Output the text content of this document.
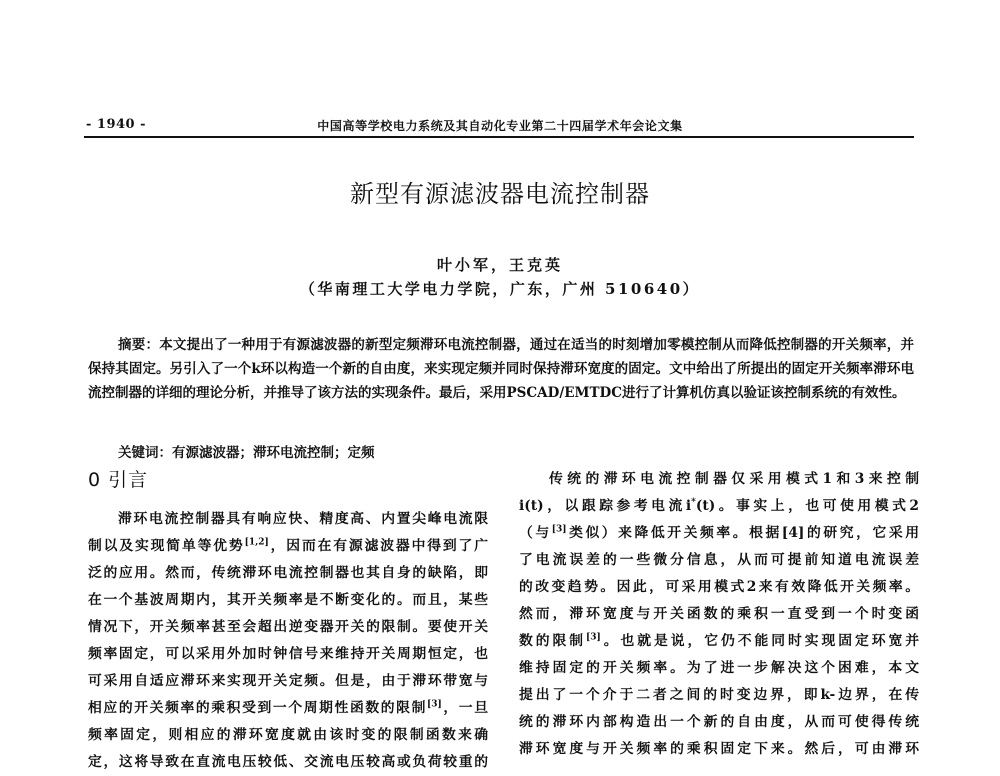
- 1940 -	中国高等学校电力系统及其自动化专业第二十四届学术年会论文集
新型有源滤波器电流控制器
叶小军，王克英
（华南理工大学电力学院，广东，广州 510640）

摘要：本文提出了一种用于有源滤波器的新型定频滞环电流控制器，通过在适当的时刻增加零模控制从而降低控制器的开关频率，并保持其固定。另引入了一个k环以构造一个新的自由度，来实现定频并同时保持滞环宽度的固定。文中给出了所提出的固定开关频率滞环电流控制器的详细的理论分析，并推导了该方法的实现条件。最后，采用PSCAD/EMTDC进行了计算机仿真以验证该控制系统的有效性。

关键词：有源滤波器；滞环电流控制；定频
0 引言
滞环电流控制器具有响应快、精度高、内置尖峰电流限
制以及实现简单等优势[1,2]，因而在有源滤波器中得到了广
泛的应用。然而，传统滞环电流控制器也其自身的缺陷，即
在一个基波周期内，其开关频率是不断变化的。而且，某些
情况下，开关频率甚至会超出逆变器开关的限制。要使开关
频率固定，可以采用外加时钟信号来维持开关周期恒定，也
可采用自适应滞环来实现开关定频。但是，由于滞环带宽与
相应的开关频率的乘积受到一个周期性函数的限制[3]，一旦
频率固定，则相应的滞环宽度就由该时变的限制函数来确
定，这将导致在直流电压较低、交流电压较高或负荷较重的
传统的滞环电流控制器仅采用模式1和3来控制
i(t)，以跟踪参考电流i*(t)。事实上，也可使用模式2
（与[3]类似）来降低开关频率。根据[4]的研究，它采用
了电流误差的一些微分信息，从而可提前知道电流误差
的改变趋势。因此，可采用模式2来有效降低开关频率。
然而，滞环宽度与开关函数的乘积一直受到一个时变函
数的限制[3]。也就是说，它仍不能同时实现固定环宽并
维持固定的开关频率。为了进一步解决这个困难，本文
提出了一个介于二者之间的时变边界，即k-边界，在传
统的滞环内部构造出一个新的自由度，从而可使得传统
滞环宽度与开关频率的乘积固定下来。然后，可由滞环
